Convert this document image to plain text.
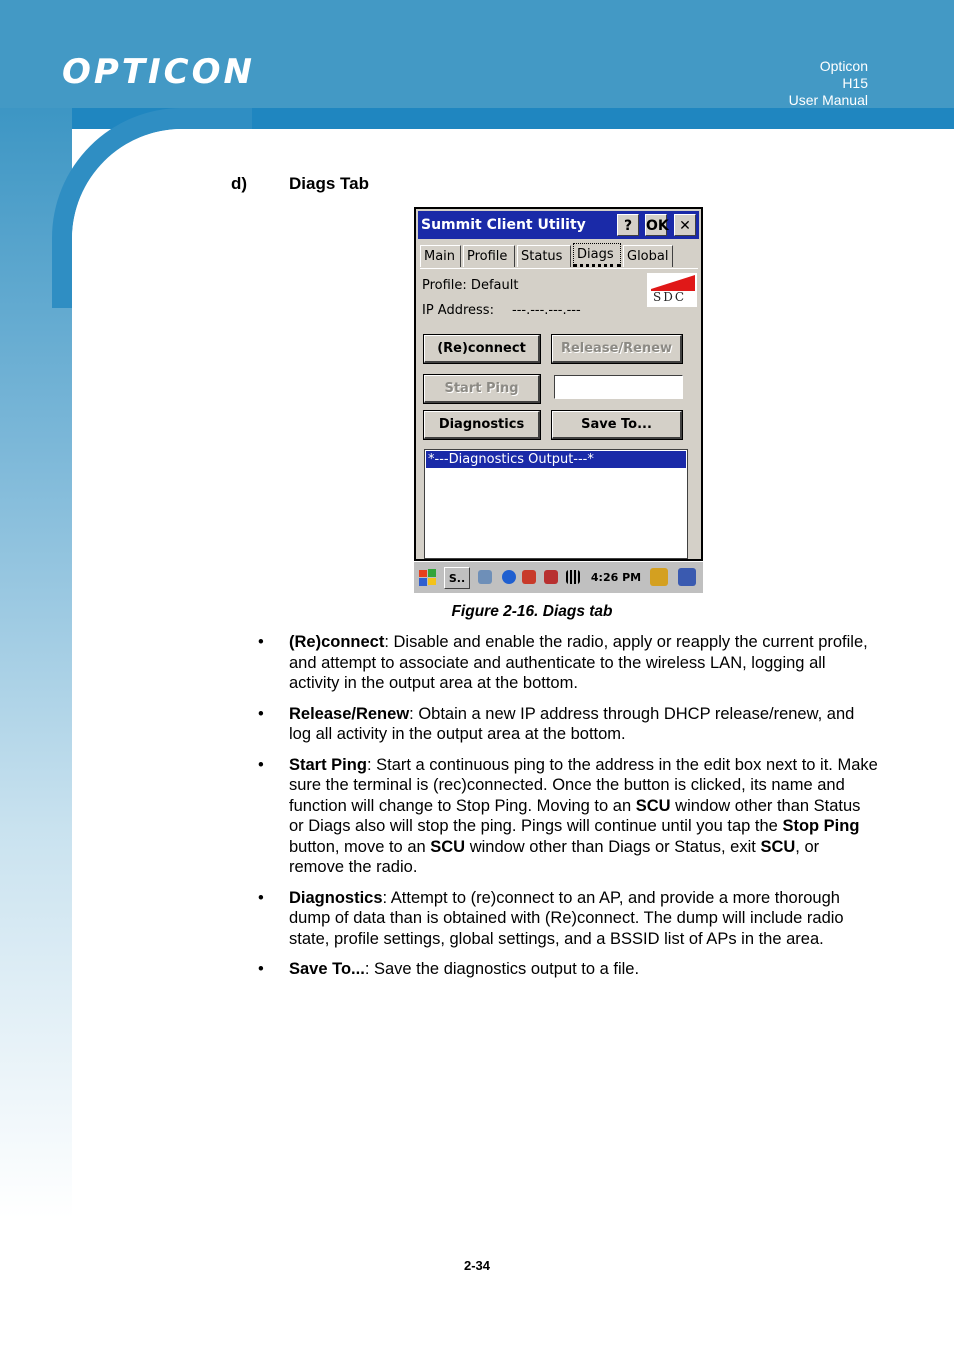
OPTICON	Opticon
H15
User Manual
d) Diags Tab
Summit Client Utility	? OK ✕
Main Profile	Status	Diags	Global
Profile: Default
IP Address: ---.---.---.---
SDC
(Re)connect	Release/Renew
Start Ping
Diagnostics	Save To...
*---Diagnostics Output---*
S..	4:26 PM
Figure 2-16. Diags tab
• (Re)connect: Disable and enable the radio, apply or reapply the current profile, and attempt to associate and authenticate to the wireless LAN, logging all activity in the output area at the bottom.
• Release/Renew: Obtain a new IP address through DHCP release/renew, and log all activity in the output area at the bottom.
• Start Ping: Start a continuous ping to the address in the edit box next to it. Make sure the terminal is (rec)connected. Once the button is clicked, its name and function will change to Stop Ping. Moving to an SCU window other than Status or Diags also will stop the ping. Pings will continue until you tap the Stop Ping button, move to an SCU window other than Diags or Status, exit SCU, or remove the radio.
• Diagnostics: Attempt to (re)connect to an AP, and provide a more thorough dump of data than is obtained with (Re)connect. The dump will include radio state, profile settings, global settings, and a BSSID list of APs in the area.
• Save To...: Save the diagnostics output to a file.
2-34
